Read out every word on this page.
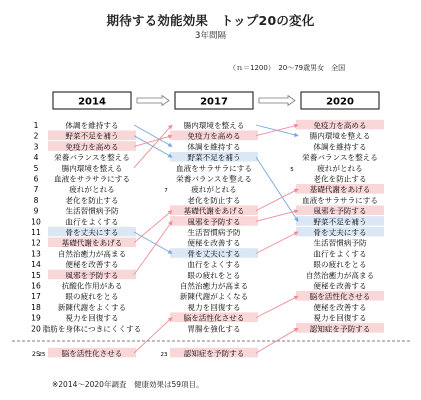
期待する効能効果　トップ20の変化
3年間隔
（ｎ＝1200）　20～79歳男女　全国
2014	2017	2020
1
2
3
4
5
6
7
8
9
10
11
12
13
14
15
16
17
18
19
20
25
体調を維持する
野菜不足を補う
免疫力を高める
栄養バランスを整える
腸内環境を整える
血液をサラサラにする
疲れがとれる
老化を防止する
生活習慣病予防
血行をよくする
骨を丈夫にする
基礎代謝をあげる
自然治癒力が高まる
便秘を改善する
風邪を予防する
抗酸化作用がある
眼の疲れをとる
新陳代謝をよくする
視力を回復する
脂肪を身体につきにくくする
脳を活性化させる
25
腸内環境を整える
免疫力を高める
体調を維持する
野菜不足を補う
血液をサラサラにする
栄養バランスを整える
疲れがとれる
老化を防止する
基礎代謝をあげる
風邪を予防する
生活習慣病予防
便秘を改善する
骨を丈夫にする
血行をよくする
眼の疲れをとる
自然治癒力が高まる
新陳代謝がよくなる
視力を回復する
脳を活性化させる
胃腸を強化する
7
認知症を予防する
23
免疫力を高める
腸内環境を整える
体調を維持する
栄養バランスを整える
疲れがとれる
老化を防止する
基礎代謝をあげる
血液をサラサラにする
風邪を予防する
野菜不足を補う
骨を丈夫にする
生活習慣病予防
血行をよくする
眼の疲れをとる
自然治癒力が高まる
便秘を改善する
脳を活性化させる
便秘を改善する
視力を回復する
認知症を予防する
5
※2014～2020年調査　健康効果は59項目。
